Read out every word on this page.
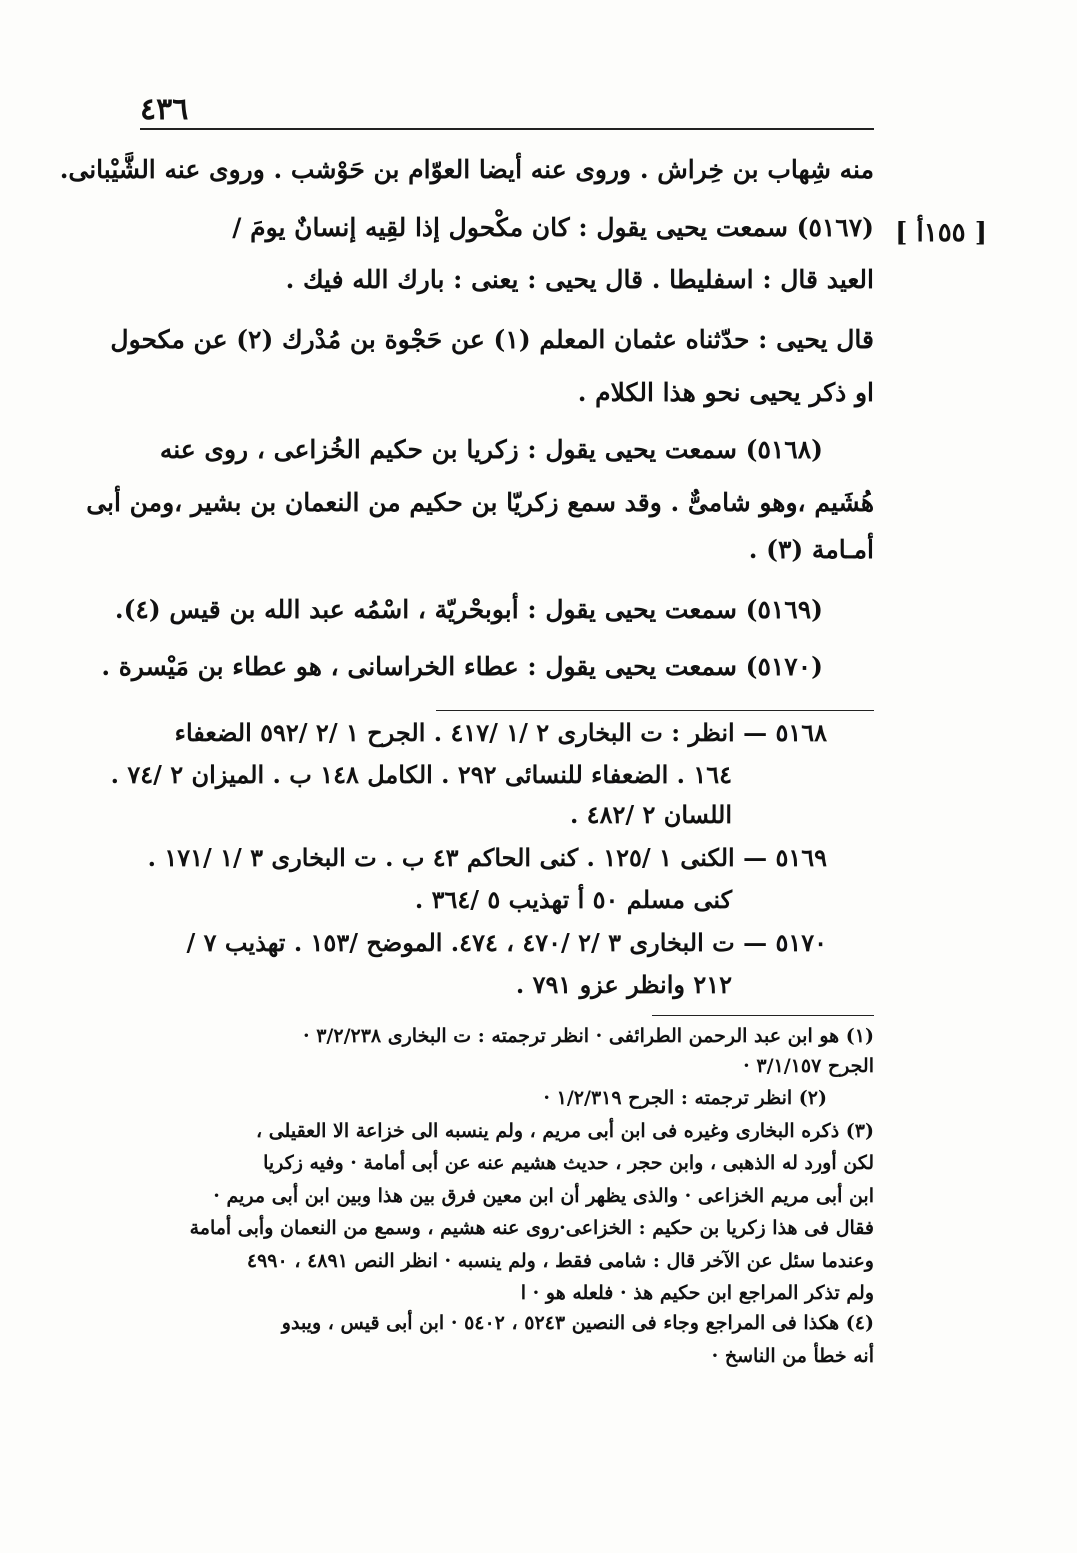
٤٣٦
[ ١٥٥أ ]
منه شِهاب بن خِراش . وروى عنه أيضا العوّام بن حَوْشب . وروى عنه الشَّيْبانى.
(٥١٦٧) سمعت يحيى يقول : كان مكْحول إذا لقِيه إنسانٌ يومَ /
العيد قال : اسفليطا . قال يحيى : يعنى : بارك الله فيك .
قال يحيى : حدّثناه عثمان المعلم (١) عن حَجْوة بن مُدْرك (٢) عن مكحول
او ذكر يحيى نحو هذا الكلام .
(٥١٦٨) سمعت يحيى يقول : زكريا بن حكيم الخُزاعى ، روى عنه
هُشَيم ،وهو شامىٌّ . وقد سمع زكريّا بن حكيم من النعمان بن بشير ،ومن أبى
أمـامة (٣) .
(٥١٦٩) سمعت يحيى يقول : أبوبحْريّة ، اسْمُه عبد الله بن قيس (٤).
(٥١٧٠) سمعت يحيى يقول : عطاء الخراسانى ، هو عطاء بن مَيْسرة .
٥١٦٨ — انظر : ت البخارى ٢ /١ /٤١٧ . الجرح ١ /٢ /٥٩٢ الضعفاء
١٦٤ . الضعفاء للنسائى ٢٩٢ . الكامل ١٤٨ ب . الميزان ٢ /٧٤ .
اللسان ٢ /٤٨٢ .
٥١٦٩ — الكنى ١ /١٢٥ . كنى الحاكم ٤٣ ب . ت البخارى ٣ /١ /١٧١ .
كنى مسلم ٥٠ أ تهذيب ٥ /٣٦٤ .
٥١٧٠ — ت البخارى ٣ /٢ /٤٧٠ ، ٤٧٤. الموضح /١٥٣ . تهذيب ٧ /
٢١٢ وانظر عزو ٧٩١ .
(١) هو ابن عبد الرحمن الطرائفى · انظر ترجمته : ت البخارى ٣/٢/٢٣٨ ·
الجرح ٣/١/١٥٧ ·
(٢) انظر ترجمته : الجرح ١/٢/٣١٩ ·
(٣) ذكره البخارى وغيره فى ابن أبى مريم ، ولم ينسبه الى خزاعة الا العقيلى ،
لكن أورد له الذهبى ، وابن حجر ، حديث هشيم عنه عن أبى أمامة · وفيه زكريا
ابن أبى مريم الخزاعى · والذى يظهر أن ابن معين فرق بين هذا وبين ابن أبى مريم ·
فقال فى هذا زكريا بن حكيم : الخزاعى·روى عنه هشيم ، وسمع من النعمان وأبى أمامة
وعندما سئل عن الآخر قال : شامى فقط ، ولم ينسبه · انظر النص ٤٨٩١ ، ٤٩٩٠
ولم تذكر المراجع ابن حكيم هذ · فلعله هو · ا
(٤) هكذا فى المراجع وجاء فى النصين ٥٢٤٣ ، ٥٤٠٢ · ابن أبى قيس ، ويبدو
أنه خطأ من الناسخ ·
